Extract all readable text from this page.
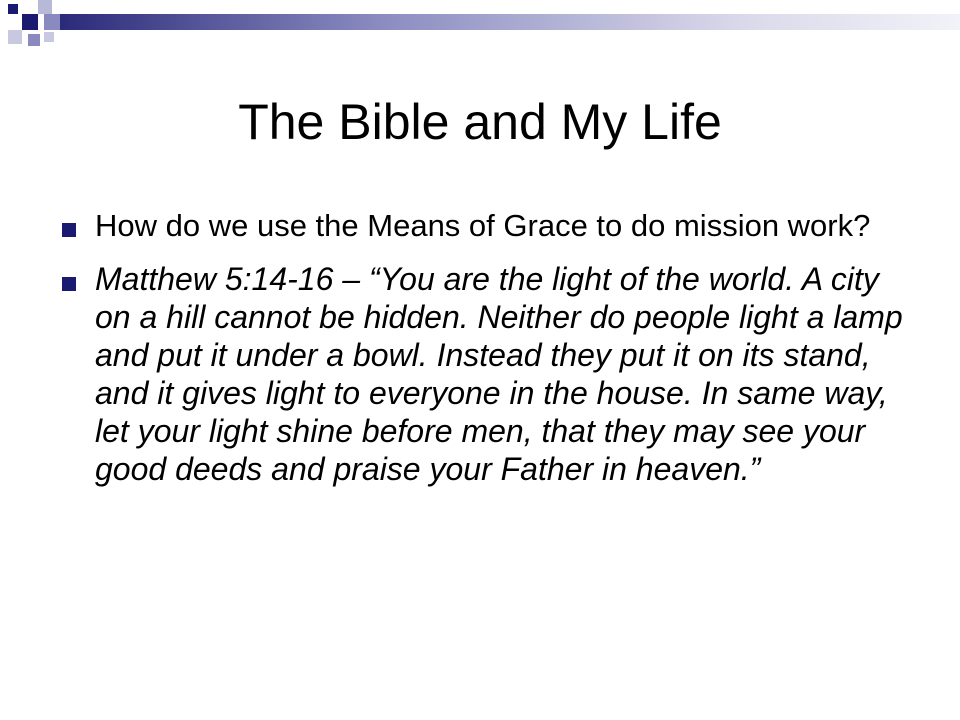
The Bible and My Life
How do we use the Means of Grace to do mission work?
Matthew 5:14-16 – “You are the light of the world. A city on a hill cannot be hidden. Neither do people light a lamp and put it under a bowl. Instead they put it on its stand, and it gives light to everyone in the house. In same way, let your light shine before men, that they may see your good deeds and praise your Father in heaven.”
